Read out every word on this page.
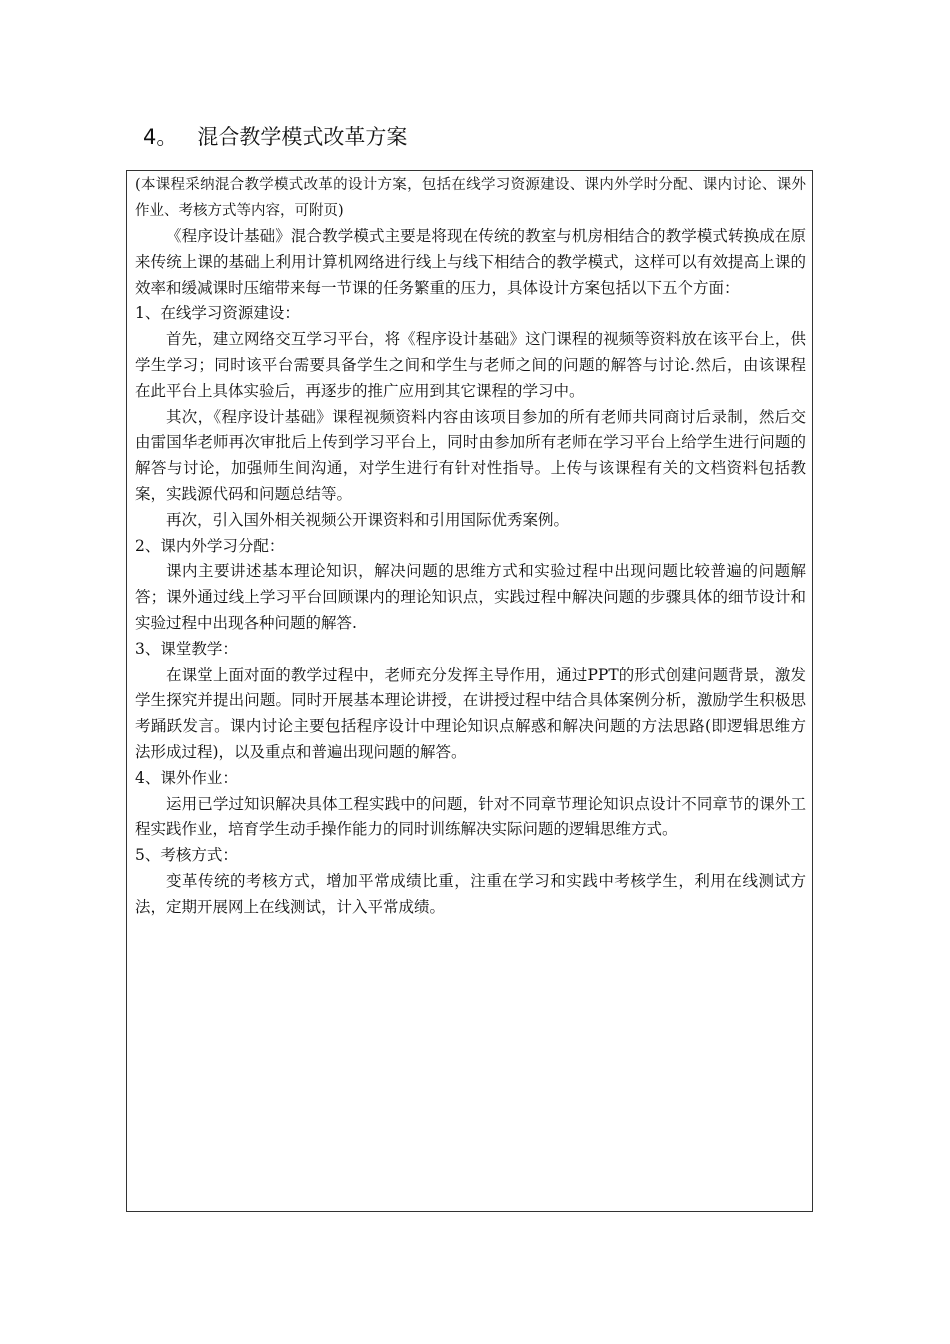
4。 混合教学模式改革方案

(本课程采纳混合教学模式改革的设计方案，包括在线学习资源建设、课内外学时分配、课内讨论、课外作业、考核方式等内容，可附页)

《程序设计基础》混合教学模式主要是将现在传统的教室与机房相结合的教学模式转换成在原来传统上课的基础上利用计算机网络进行线上与线下相结合的教学模式，这样可以有效提高上课的效率和缓减课时压缩带来每一节课的任务繁重的压力，具体设计方案包括以下五个方面：

1、在线学习资源建设：

首先，建立网络交互学习平台，将《程序设计基础》这门课程的视频等资料放在该平台上，供学生学习；同时该平台需要具备学生之间和学生与老师之间的问题的解答与讨论.然后，由该课程在此平台上具体实验后，再逐步的推广应用到其它课程的学习中。

其次，《程序设计基础》课程视频资料内容由该项目参加的所有老师共同商讨后录制，然后交由雷国华老师再次审批后上传到学习平台上，同时由参加所有老师在学习平台上给学生进行问题的解答与讨论，加强师生间沟通，对学生进行有针对性指导。上传与该课程有关的文档资料包括教案，实践源代码和问题总结等。

再次，引入国外相关视频公开课资料和引用国际优秀案例。

2、课内外学习分配：

课内主要讲述基本理论知识，解决问题的思维方式和实验过程中出现问题比较普遍的问题解答；课外通过线上学习平台回顾课内的理论知识点，实践过程中解决问题的步骤具体的细节设计和实验过程中出现各种问题的解答.

3、课堂教学：

在课堂上面对面的教学过程中，老师充分发挥主导作用，通过PPT的形式创建问题背景，激发学生探究并提出问题。同时开展基本理论讲授，在讲授过程中结合具体案例分析，激励学生积极思考踊跃发言。课内讨论主要包括程序设计中理论知识点解惑和解决问题的方法思路(即逻辑思维方法形成过程)，以及重点和普遍出现问题的解答。

4、课外作业：

运用已学过知识解决具体工程实践中的问题，针对不同章节理论知识点设计不同章节的课外工程实践作业，培育学生动手操作能力的同时训练解决实际问题的逻辑思维方式。

5、考核方式：

变革传统的考核方式，增加平常成绩比重，注重在学习和实践中考核学生，利用在线测试方法，定期开展网上在线测试，计入平常成绩。
